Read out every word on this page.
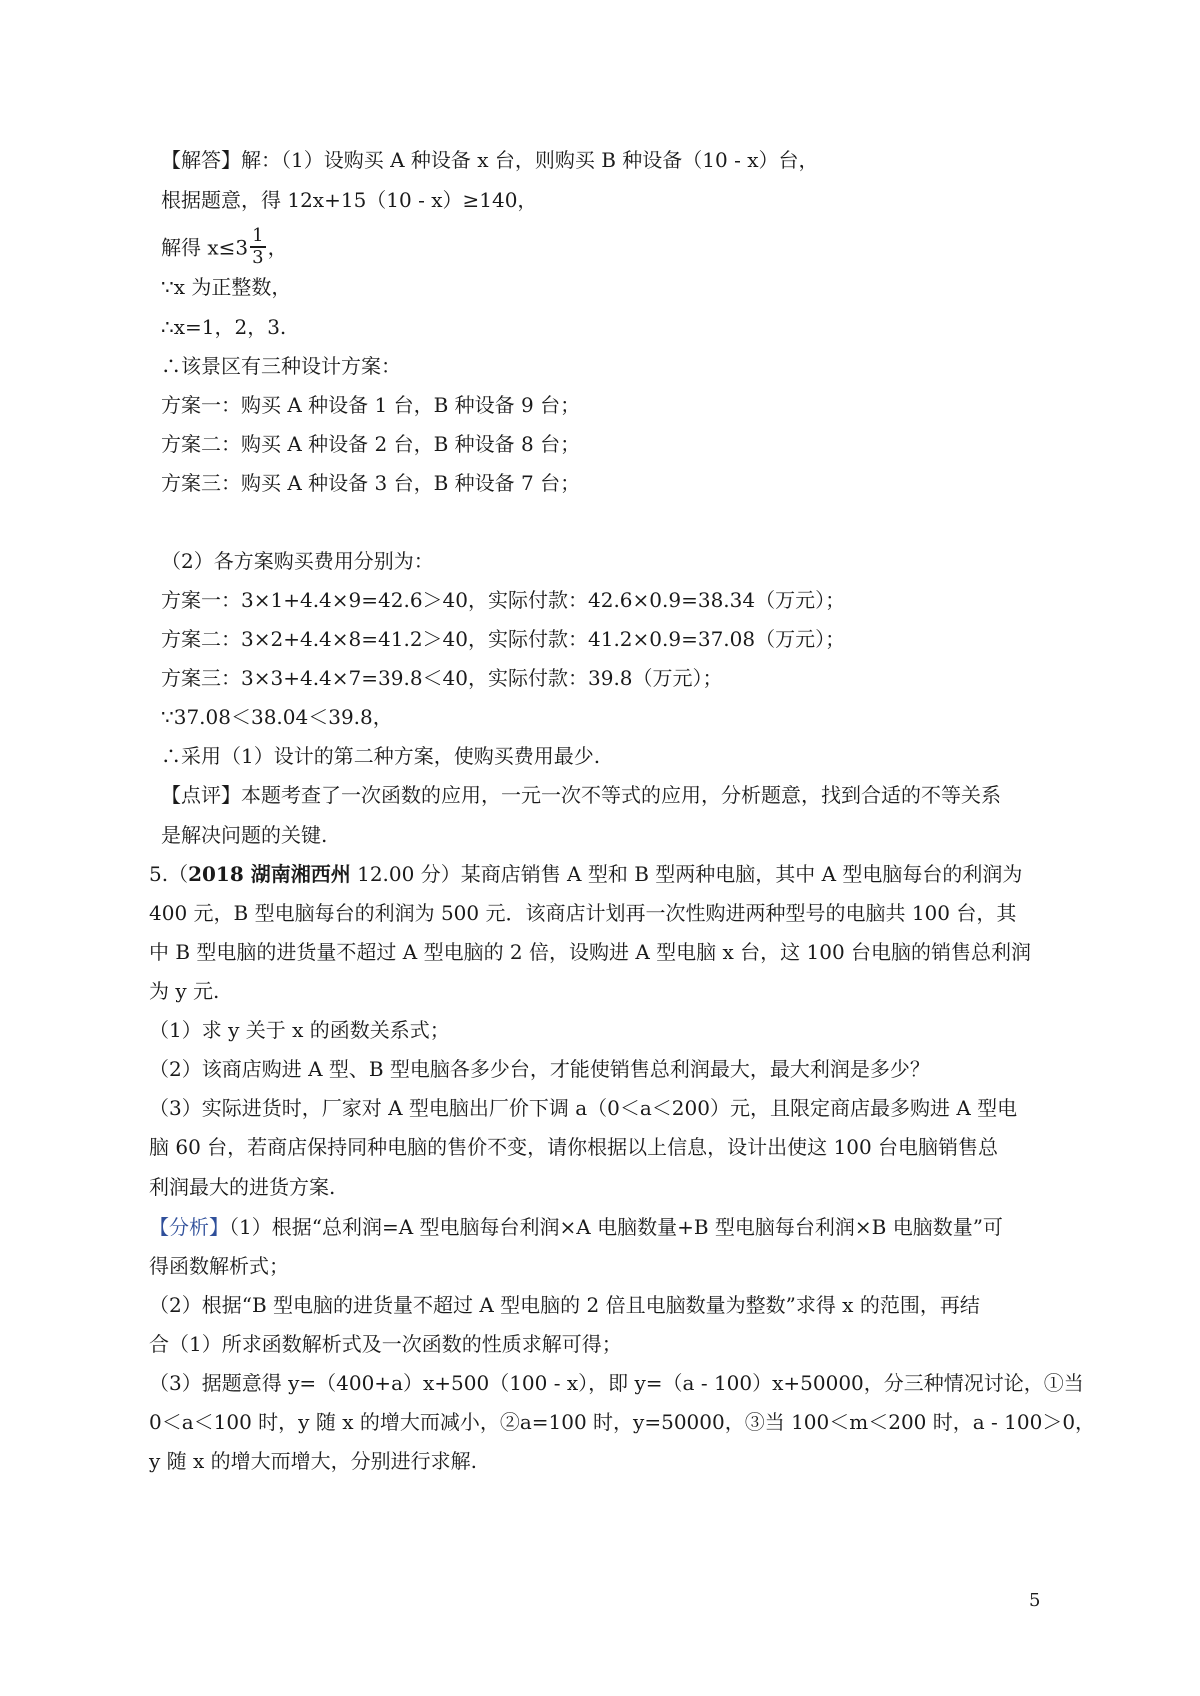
【解答】解：（1）设购买 A 种设备 x 台，则购买 B 种设备（10 - x）台，
根据题意，得 12x+15（10 - x）≥140，
解得 $x\le 3 \frac{1}{3}$ ，
∵x 为正整数，
∴x=1，2，3.
∴该景区有三种设计方案：
方案一：购买 A 种设备 1 台，B 种设备 9 台；
方案二：购买 A 种设备 2 台，B 种设备 8 台；
方案三：购买 A 种设备 3 台，B 种设备 7 台；
（2）各方案购买费用分别为：
方案一：3×1+4.4×9=42.6＞40，实际付款：42.6×0.9=38.34（万元）；
方案二：3×2+4.4×8=41.2＞40，实际付款：41.2×0.9=37.08（万元）；
方案三：3×3+4.4×7=39.8＜40，实际付款：39.8（万元）；
∵37.08＜38.04＜39.8，
∴采用（1）设计的第二种方案，使购买费用最少.
【点评】本题考查了一次函数的应用，一元一次不等式的应用，分析题意，找到合适的不等关系
是解决问题的关键.
5.（2018 湖南湘西州 12.00 分）某商店销售 A 型和 B 型两种电脑，其中 A 型电脑每台的利润为
400 元，B 型电脑每台的利润为 500 元．该商店计划再一次性购进两种型号的电脑共 100 台，其
中 B 型电脑的进货量不超过 A 型电脑的 2 倍，设购进 A 型电脑 x 台，这 100 台电脑的销售总利润
为 y 元.
（1）求 y 关于 x 的函数关系式；
（2）该商店购进 A 型、B 型电脑各多少台，才能使销售总利润最大，最大利润是多少？
（3）实际进货时，厂家对 A 型电脑出厂价下调 a（0＜a＜200）元，且限定商店最多购进 A 型电
脑 60 台，若商店保持同种电脑的售价不变，请你根据以上信息，设计出使这 100 台电脑销售总
利润最大的进货方案.
【分析】（1）根据“总利润=A 型电脑每台利润×A 电脑数量+B 型电脑每台利润×B 电脑数量”可
得函数解析式；
（2）根据“B 型电脑的进货量不超过 A 型电脑的 2 倍且电脑数量为整数”求得 x 的范围，再结
合（1）所求函数解析式及一次函数的性质求解可得；
（3）据题意得 y=（400+a）x+500（100 - x），即 y=（a - 100）x+50000，分三种情况讨论，①当
0＜a＜100 时，y 随 x 的增大而减小，②a=100 时，y=50000，③当 100＜m＜200 时，a - 100＞0，
y 随 x 的增大而增大，分别进行求解.
5
